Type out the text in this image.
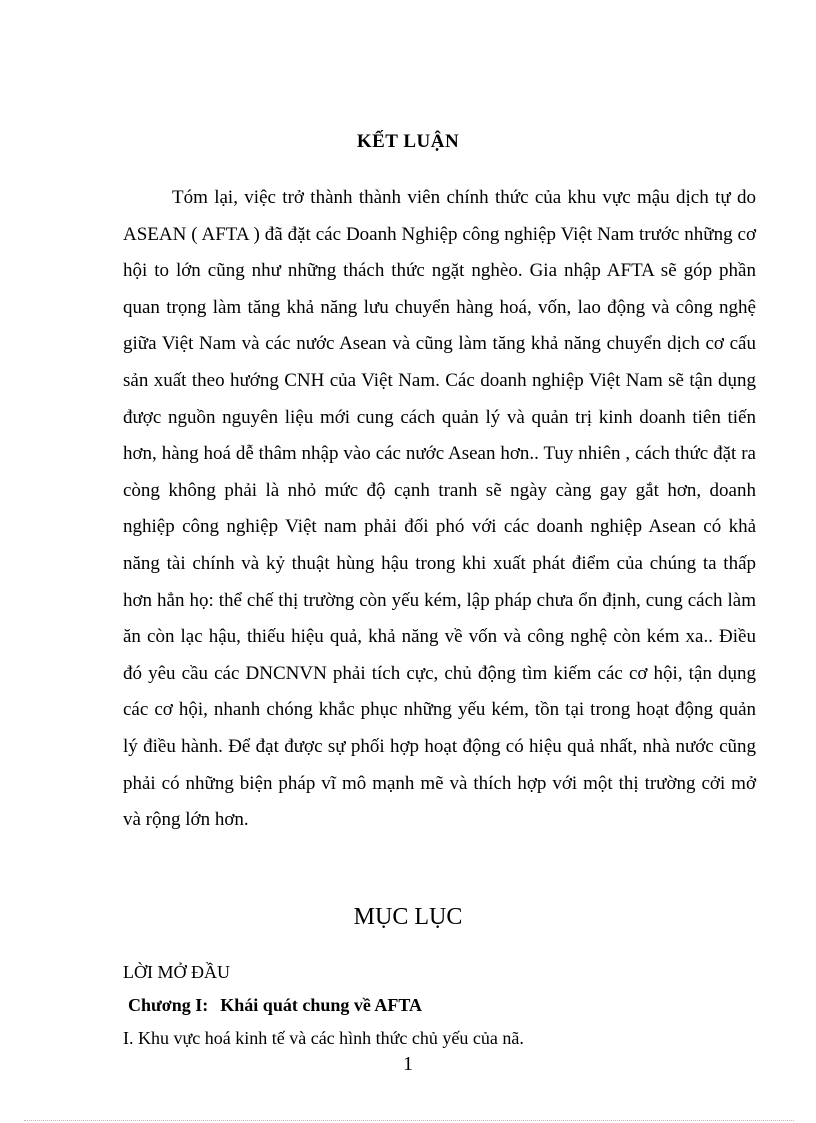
KẾT LUẬN

Tóm lại, việc trở thành thành viên chính thức của khu vực mậu dịch tự do ASEAN ( AFTA ) đã đặt các Doanh Nghiệp công nghiệp Việt Nam trước những cơ hội to lớn cũng như những thách thức ngặt nghèo. Gia nhập AFTA sẽ góp phần quan trọng làm tăng khả năng lưu chuyển hàng hoá, vốn, lao động và công nghệ giữa Việt Nam và các nước Asean và cũng làm tăng khả năng chuyển dịch cơ cấu sản xuất theo hướng CNH của Việt Nam. Các doanh nghiệp Việt Nam sẽ tận dụng được nguồn nguyên liệu mới cung cách quản lý và quản trị kinh doanh tiên tiến hơn, hàng hoá dễ thâm nhập vào các nước Asean hơn.. Tuy nhiên , cách thức đặt ra còng không phải là nhỏ mức độ cạnh tranh sẽ ngày càng gay gắt hơn, doanh nghiệp công nghiệp Việt nam phải đối phó với các doanh nghiệp Asean có khả năng tài chính và kỷ thuật hùng hậu trong khi xuất phát điểm của chúng ta thấp hơn hẳn họ: thể chế thị trường còn yếu kém, lập pháp chưa ổn định, cung cách làm ăn còn lạc hậu, thiếu hiệu quả, khả năng về vốn và công nghệ còn kém xa.. Điều đó yêu cầu các DNCNVN phải tích cực, chủ động tìm kiếm các cơ hội, tận dụng các cơ hội, nhanh chóng khắc phục những yếu kém, tồn tại trong hoạt động quản lý điều hành. Để đạt được sự phối hợp hoạt động có hiệu quả nhất, nhà nước cũng phải có những biện pháp vĩ mô mạnh mẽ và thích hợp với một thị trường cởi mở và rộng lớn hơn.

MỤC LỤC

LỜI MỞ ĐẦU

Chương I: Khái quát chung về AFTA

I. Khu vực hoá kinh tế và các hình thức chủ yếu của nã.

1
